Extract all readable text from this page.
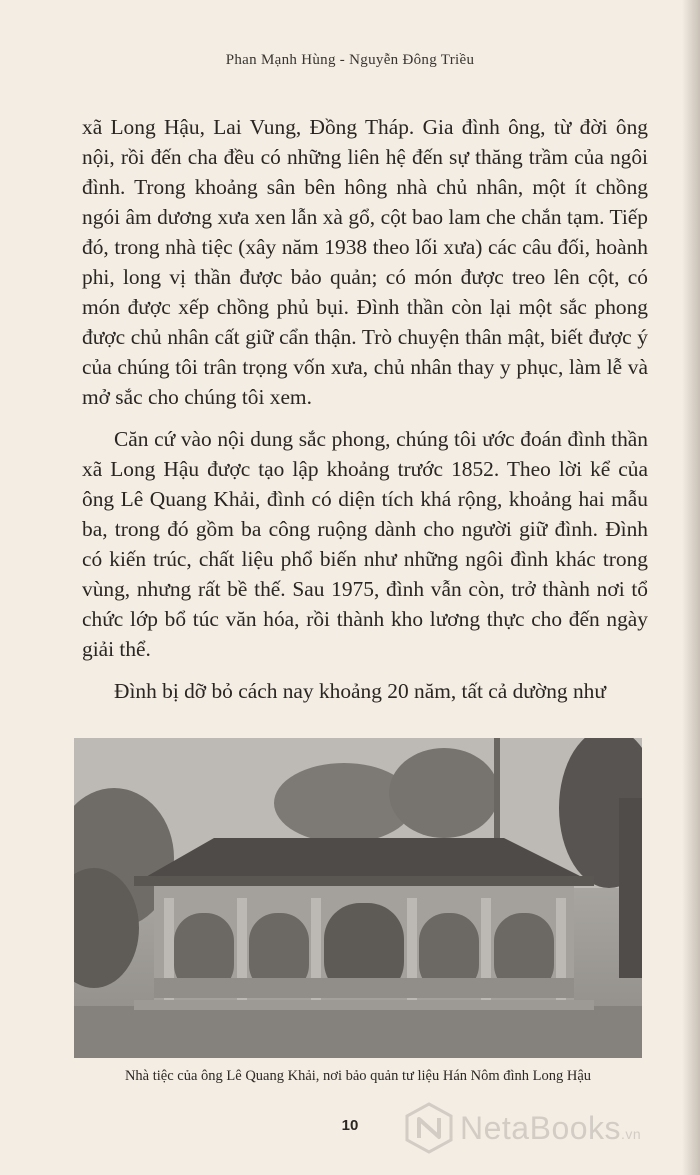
Phan Mạnh Hùng - Nguyễn Đông Triều

xã Long Hậu, Lai Vung, Đồng Tháp. Gia đình ông, từ đời ông nội, rồi đến cha đều có những liên hệ đến sự thăng trầm của ngôi đình. Trong khoảng sân bên hông nhà chủ nhân, một ít chồng ngói âm dương xưa xen lẫn xà gổ, cột bao lam che chắn tạm. Tiếp đó, trong nhà tiệc (xây năm 1938 theo lối xưa) các câu đối, hoành phi, long vị thần được bảo quản; có món được treo lên cột, có món được xếp chồng phủ bụi. Đình thần còn lại một sắc phong được chủ nhân cất giữ cẩn thận. Trò chuyện thân mật, biết được ý của chúng tôi trân trọng vốn xưa, chủ nhân thay y phục, làm lễ và mở sắc cho chúng tôi xem.

Căn cứ vào nội dung sắc phong, chúng tôi ước đoán đình thần xã Long Hậu được tạo lập khoảng trước 1852. Theo lời kể của ông Lê Quang Khải, đình có diện tích khá rộng, khoảng hai mẫu ba, trong đó gồm ba công ruộng dành cho người giữ đình. Đình có kiến trúc, chất liệu phổ biến như những ngôi đình khác trong vùng, nhưng rất bề thế. Sau 1975, đình vẫn còn, trở thành nơi tổ chức lớp bổ túc văn hóa, rồi thành kho lương thực cho đến ngày giải thể.

Đình bị dỡ bỏ cách nay khoảng 20 năm, tất cả dường như

Nhà tiệc của ông Lê Quang Khải, nơi bảo quản tư liệu Hán Nôm đình Long Hậu
10	NetaBooks.vn
